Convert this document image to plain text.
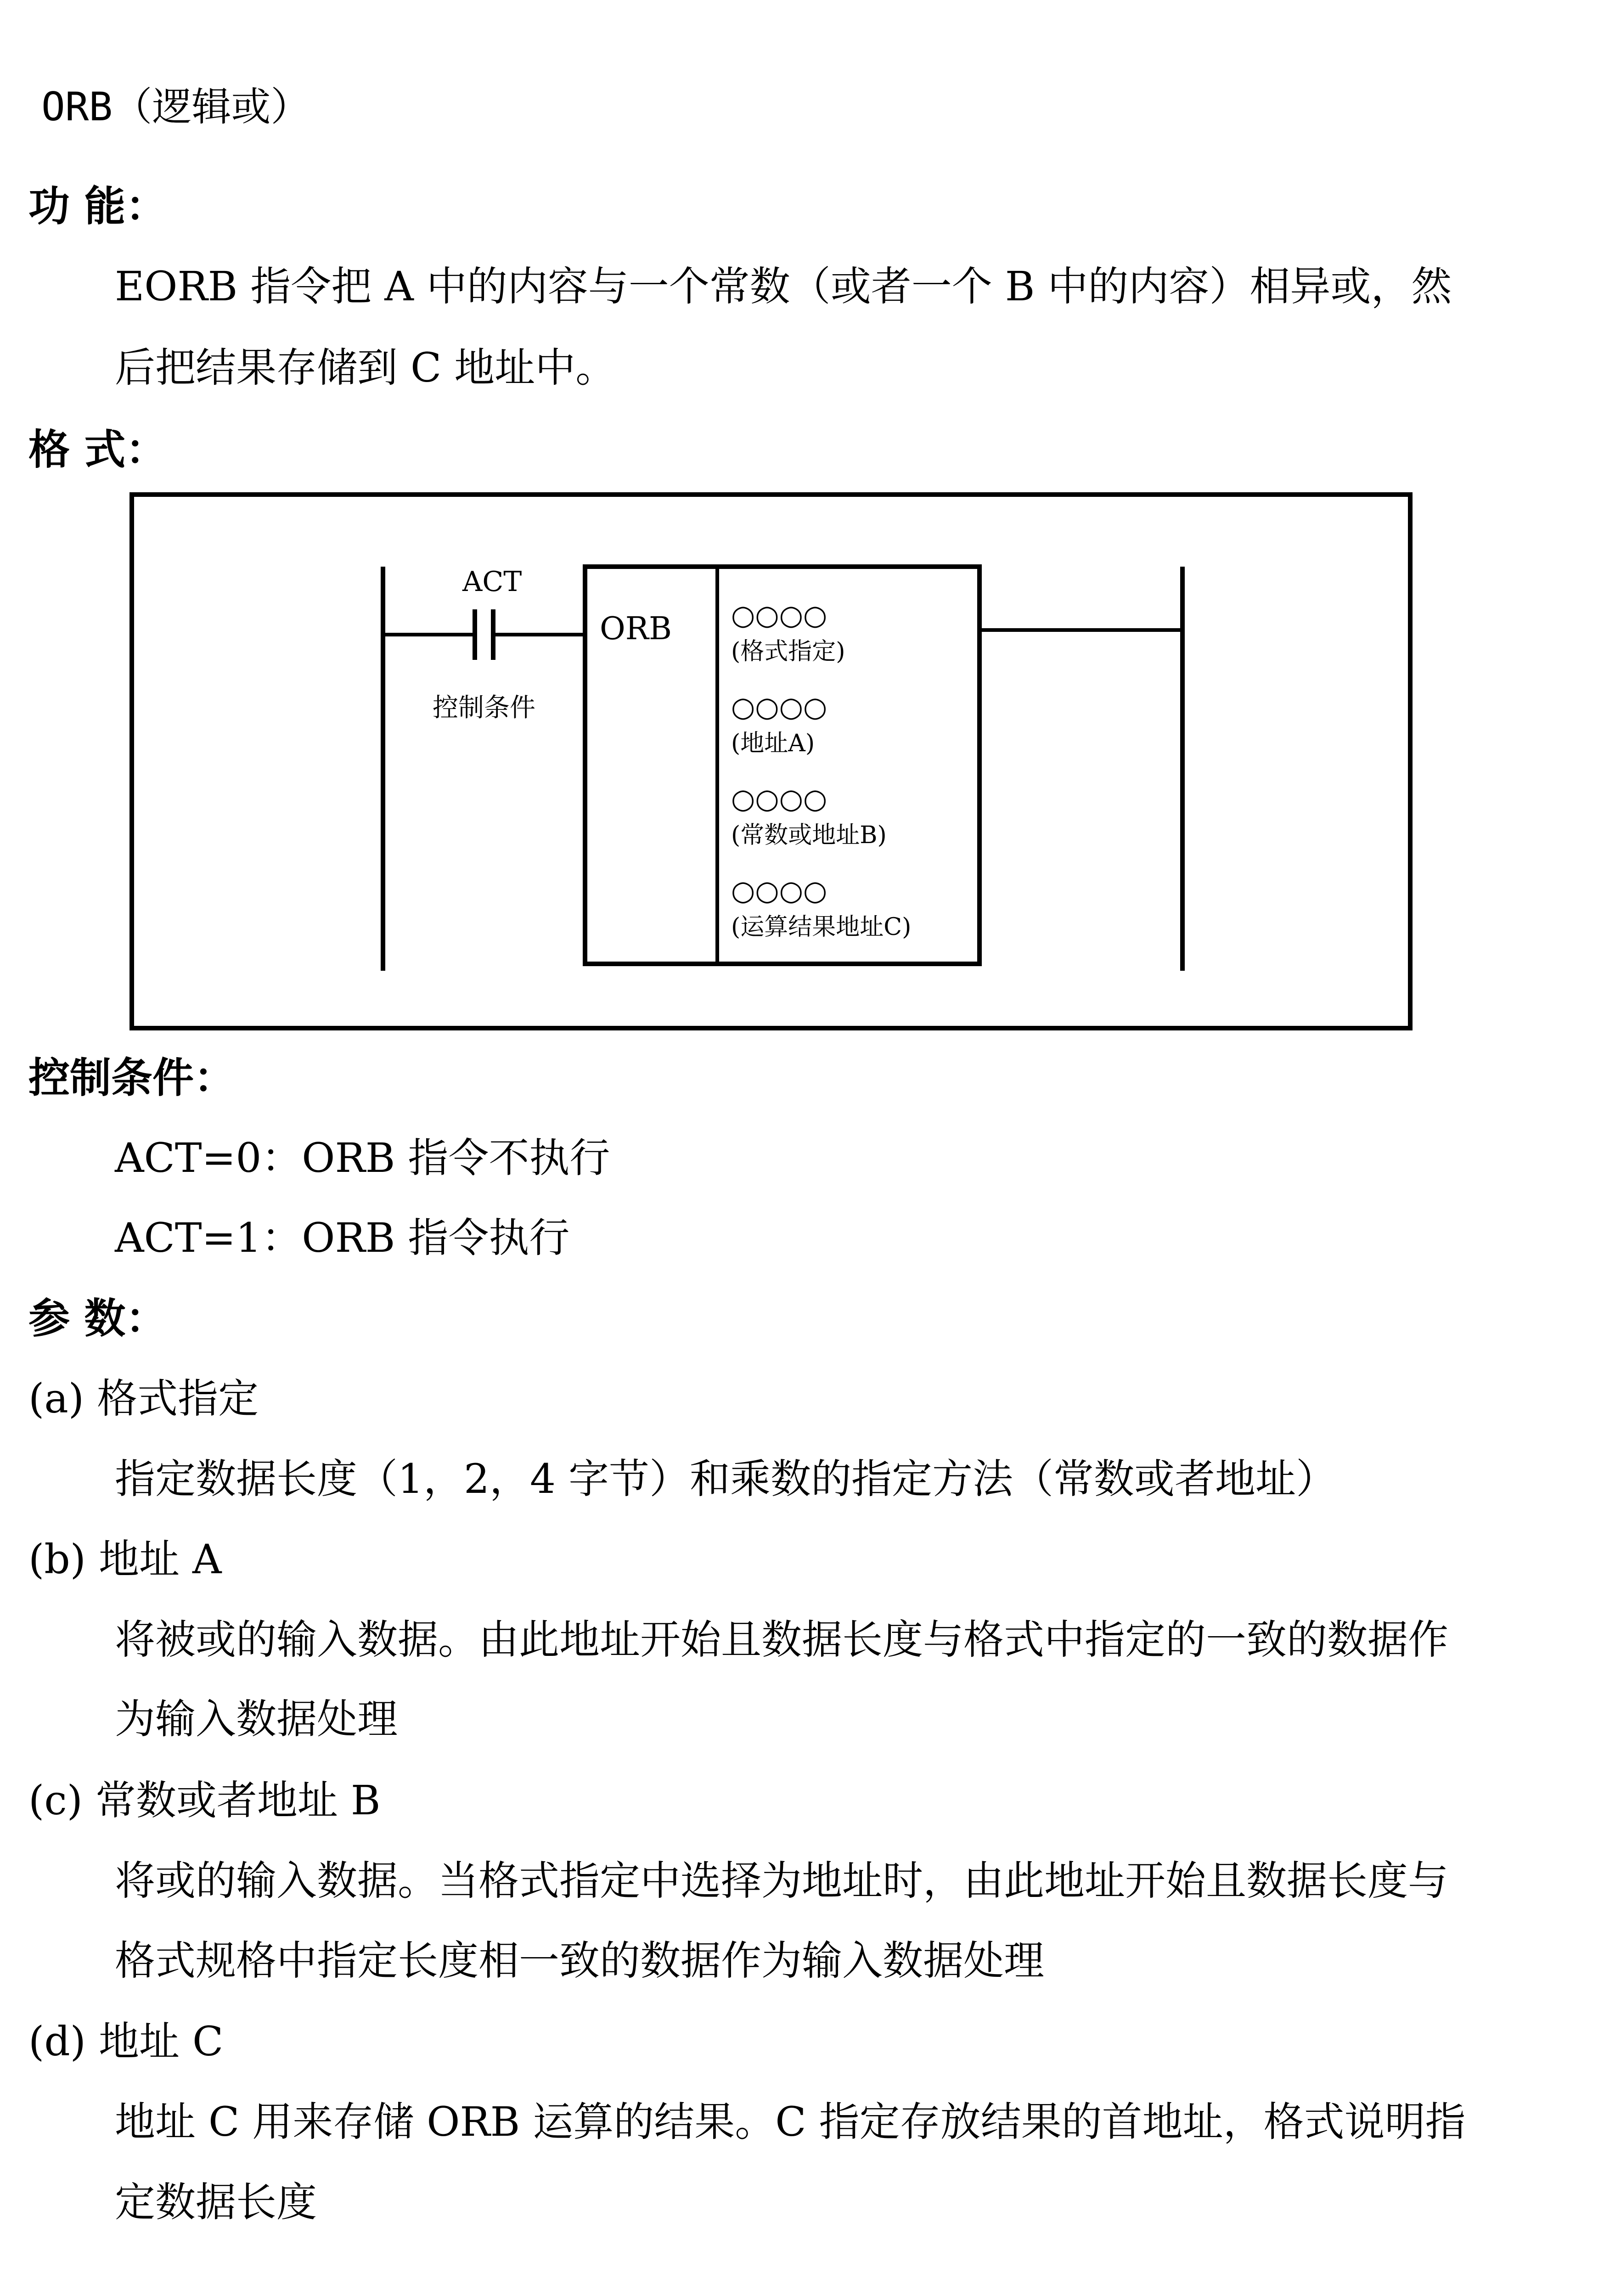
ORB（逻辑或）
功 能：
EORB 指令把 A 中的内容与一个常数（或者一个 B 中的内容）相异或，然
后把结果存储到 C 地址中。
格 式：
ACT
控制条件
ORB ○○○○
(格式指定)
○○○○
(地址A)
○○○○
(常数或地址B)
○○○○
(运算结果地址C)
控制条件：
ACT=0：ORB 指令不执行
ACT=1：ORB 指令执行
参 数：
(a) 格式指定
指定数据长度（1，2，4 字节）和乘数的指定方法（常数或者地址）
(b) 地址 A
将被或的输入数据。由此地址开始且数据长度与格式中指定的一致的数据作
为输入数据处理
(c) 常数或者地址 B
将或的输入数据。当格式指定中选择为地址时，由此地址开始且数据长度与
格式规格中指定长度相一致的数据作为输入数据处理
(d) 地址 C
地址 C 用来存储 ORB 运算的结果。C 指定存放结果的首地址，格式说明指
定数据长度
